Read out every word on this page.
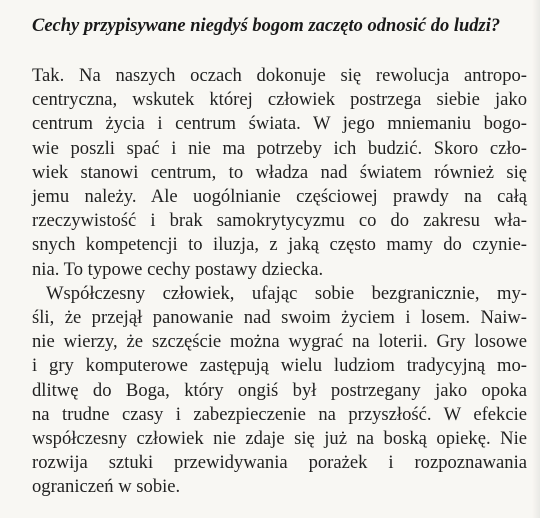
Cechy przypisywane niegdyś bogom zaczęto odnosić do ludzi?
Tak. Na naszych oczach dokonuje się rewolucja antropo-
centryczna, wskutek której człowiek postrzega siebie jako
centrum życia i centrum świata. W jego mniemaniu bogo-
wie poszli spać i nie ma potrzeby ich budzić. Skoro czło-
wiek stanowi centrum, to władza nad światem również się
jemu należy. Ale uogólnianie częściowej prawdy na całą
rzeczywistość i brak samokrytycyzmu co do zakresu wła-
snych kompetencji to iluzja, z jaką często mamy do czynie-
nia. To typowe cechy postawy dziecka.
Współczesny człowiek, ufając sobie bezgranicznie, my-
śli, że przejął panowanie nad swoim życiem i losem. Naiw-
nie wierzy, że szczęście można wygrać na loterii. Gry losowe
i gry komputerowe zastępują wielu ludziom tradycyjną mo-
dlitwę do Boga, który ongiś był postrzegany jako opoka
na trudne czasy i zabezpieczenie na przyszłość. W efekcie
współczesny człowiek nie zdaje się już na boską opiekę. Nie
rozwija sztuki przewidywania porażek i rozpoznawania
ograniczeń w sobie.
